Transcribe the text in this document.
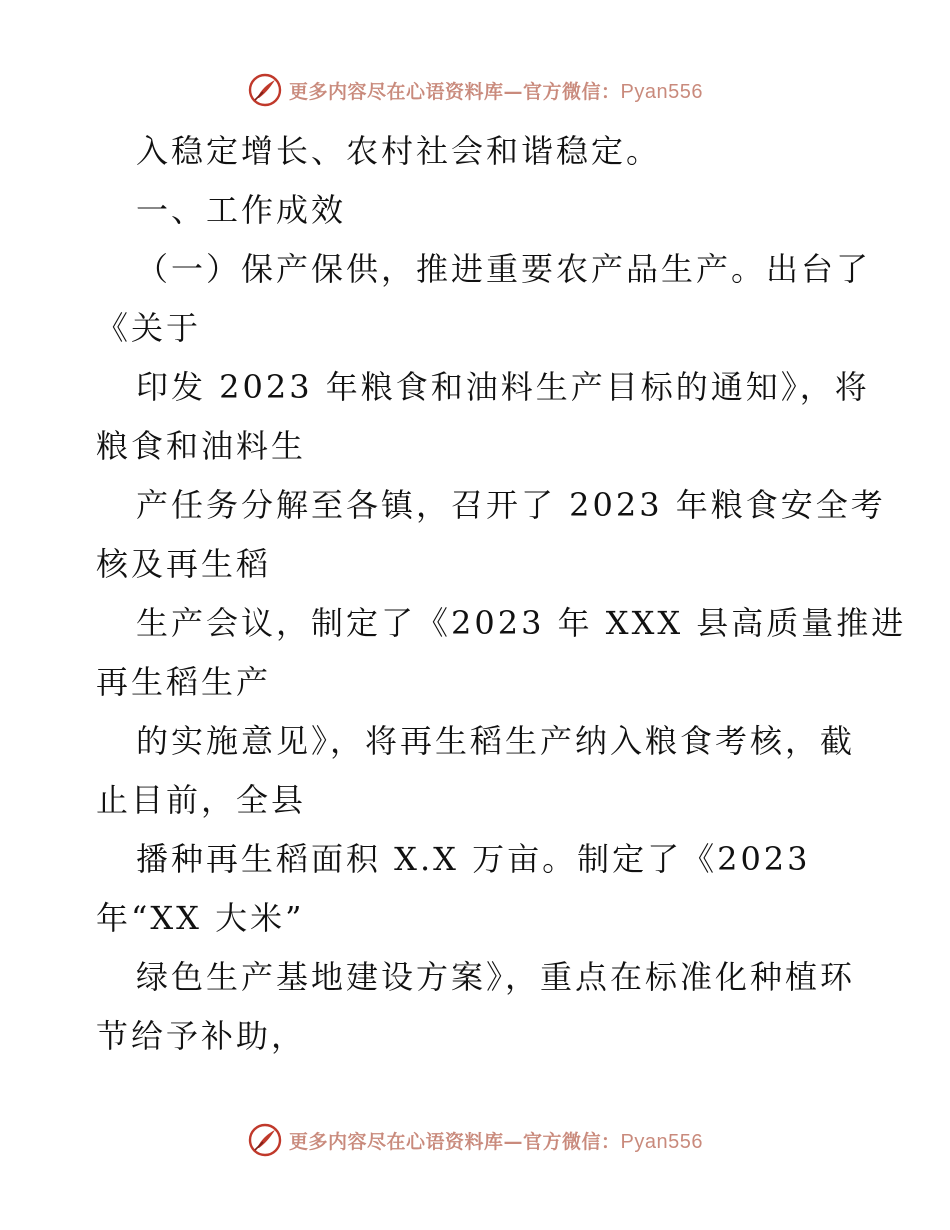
更多内容尽在心语资料库—官方微信：Pyan556
入稳定增长、农村社会和谐稳定。
一、工作成效
（一）保产保供，推进重要农产品生产。出台了
《关于
印发 2023 年粮食和油料生产目标的通知》，将
粮食和油料生
产任务分解至各镇，召开了 2023 年粮食安全考
核及再生稻
生产会议，制定了《2023 年 XXX 县高质量推进
再生稻生产
的实施意见》，将再生稻生产纳入粮食考核，截
止目前，全县
播种再生稻面积 X.X 万亩。制定了《2023
年“XX 大米”
绿色生产基地建设方案》，重点在标准化种植环
节给予补助，
更多内容尽在心语资料库—官方微信：Pyan556
